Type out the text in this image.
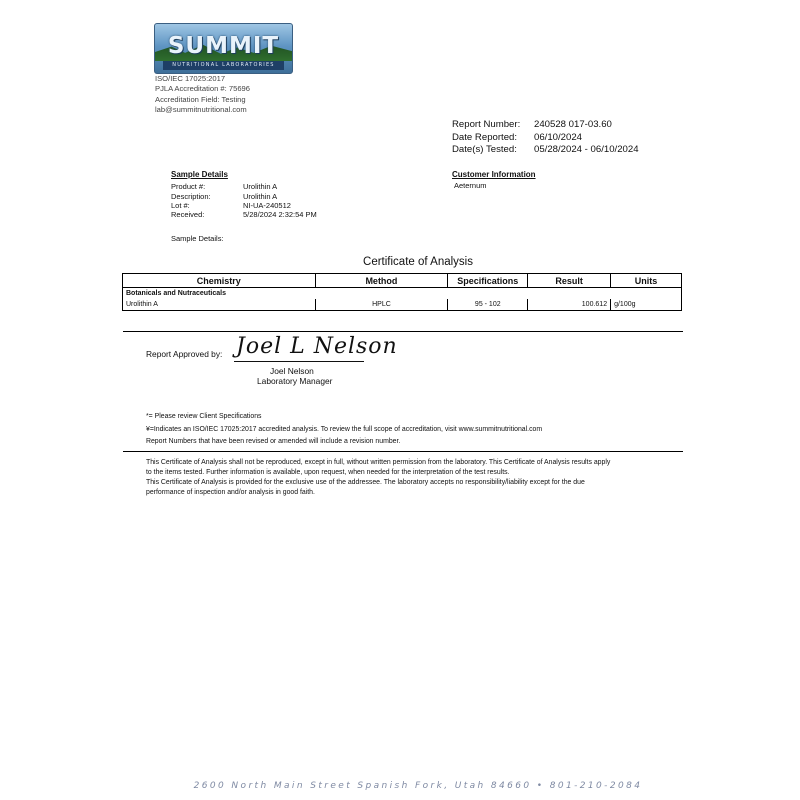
SUMMIT
NUTRITIONAL LABORATORIES
ISO/IEC 17025:2017
PJLA Accreditation #: 75696
Accreditation Field: Testing
lab@summitnutritional.com
Report Number: 240528 017-03.60
Date Reported: 06/10/2024
Date(s) Tested: 05/28/2024 - 06/10/2024
Sample Details
Product #:	Urolithin A
Description:	Urolithin A
Lot #:	NI-UA-240512
Received:	5/28/2024 2:32:54 PM
Sample Details:
Customer Information
Aeternum
Certificate of Analysis
Chemistry	Method	Specifications	Result	Units
Botanicals and Nutraceuticals				
Urolithin A	HPLC	95 - 102	100.612	g/100g
Report Approved by: Joel L Nelson
Joel Nelson
Laboratory Manager
*= Please review Client Specifications
¥=Indicates an ISO/IEC 17025:2017 accredited analysis. To review the full scope of accreditation, visit www.summitnutritional.com
Report Numbers that have been revised or amended will include a revision number.
This Certificate of Analysis shall not be reproduced, except in full, without written permission from the laboratory. This Certificate of Analysis results apply
to the items tested. Further information is available, upon request, when needed for the interpretation of the test results.
This Certificate of Analysis is provided for the exclusive use of the addressee. The laboratory accepts no responsibility/liability except for the due
performance of inspection and/or analysis in good faith.
2600 North Main Street Spanish Fork, Utah 84660 • 801-210-2084
